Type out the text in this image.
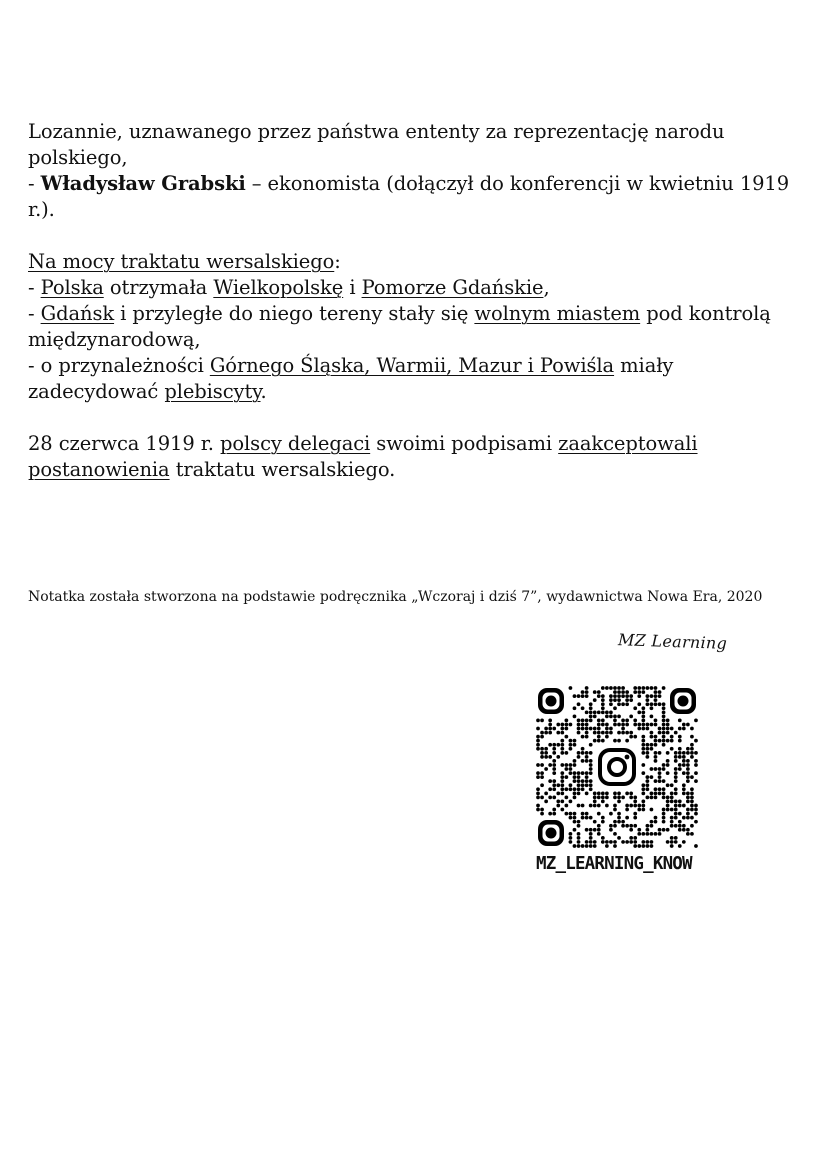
Lozannie, uznawanego przez państwa ententy za reprezentację narodu polskiego,
- Władysław Grabski – ekonomista (dołączył do konferencji w kwietniu 1919 r.).

Na mocy traktatu wersalskiego:
- Polska otrzymała Wielkopolskę i Pomorze Gdańskie,
- Gdańsk i przyległe do niego tereny stały się wolnym miastem pod kontrolą międzynarodową,
- o przynależności Górnego Śląska, Warmii, Mazur i Powiśla miały zadecydować plebiscyty.

28 czerwca 1919 r. polscy delegaci swoimi podpisami zaakceptowali postanowienia traktatu wersalskiego.

Notatka została stworzona na podstawie podręcznika „Wczoraj i dziś 7”, wydawnictwa Nowa Era, 2020
MZ Learning
MZ_LEARNING_KNOW
